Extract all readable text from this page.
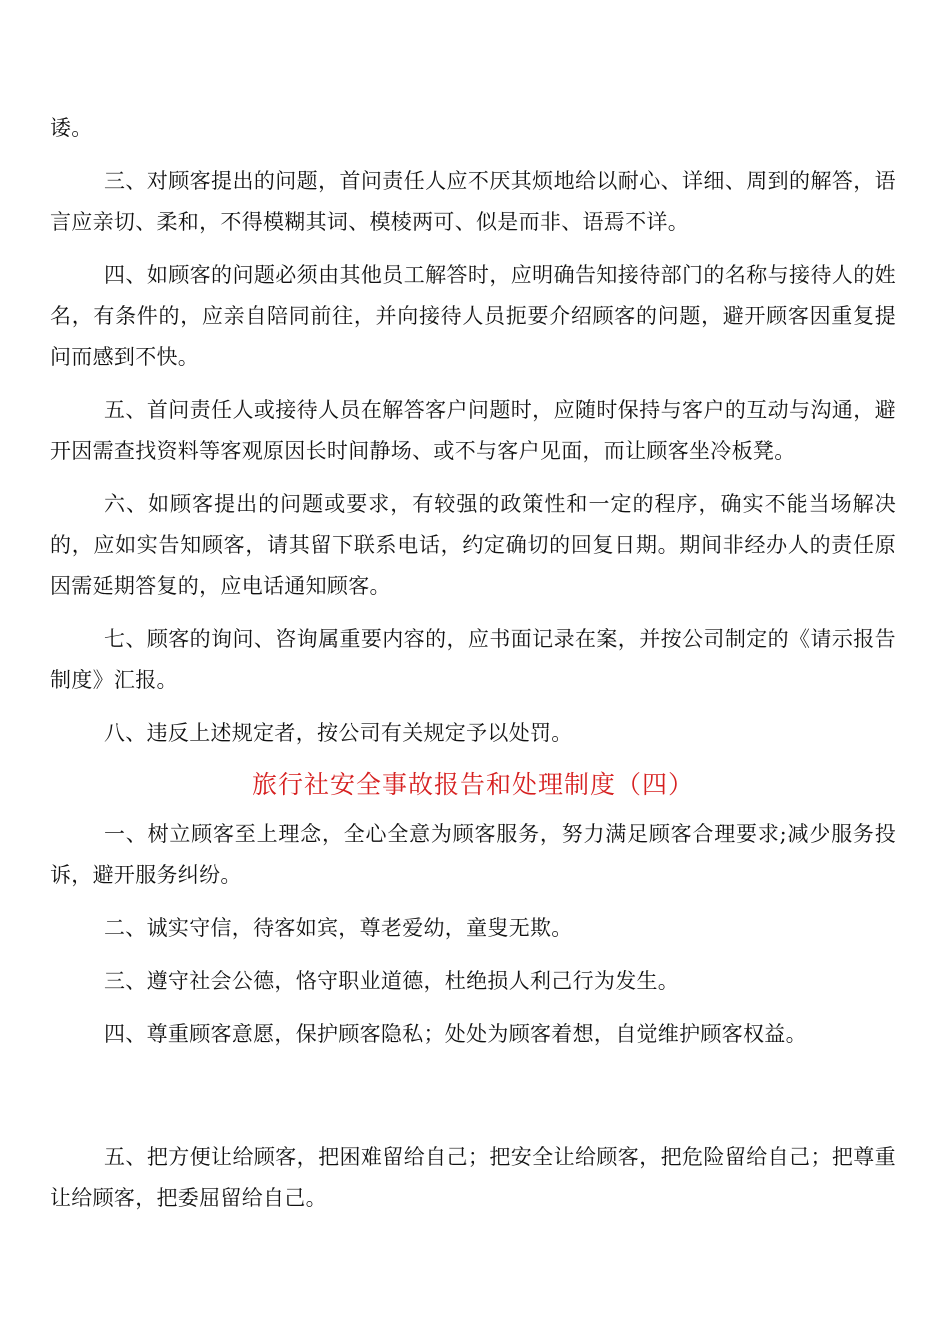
诿。

三、对顾客提出的问题，首问责任人应不厌其烦地给以耐心、详细、周到的解答，语言应亲切、柔和，不得模糊其词、模棱两可、似是而非、语焉不详。

四、如顾客的问题必须由其他员工解答时，应明确告知接待部门的名称与接待人的姓名，有条件的，应亲自陪同前往，并向接待人员扼要介绍顾客的问题，避开顾客因重复提问而感到不快。

五、首问责任人或接待人员在解答客户问题时，应随时保持与客户的互动与沟通，避开因需查找资料等客观原因长时间静场、或不与客户见面，而让顾客坐冷板凳。

六、如顾客提出的问题或要求，有较强的政策性和一定的程序，确实不能当场解决的，应如实告知顾客，请其留下联系电话，约定确切的回复日期。期间非经办人的责任原因需延期答复的，应电话通知顾客。

七、顾客的询问、咨询属重要内容的，应书面记录在案，并按公司制定的《请示报告制度》汇报。

八、违反上述规定者，按公司有关规定予以处罚。

旅行社安全事故报告和处理制度（四）

一、树立顾客至上理念，全心全意为顾客服务，努力满足顾客合理要求;减少服务投诉，避开服务纠纷。

二、诚实守信，待客如宾，尊老爱幼，童叟无欺。

三、遵守社会公德，恪守职业道德，杜绝损人利己行为发生。

四、尊重顾客意愿，保护顾客隐私；处处为顾客着想，自觉维护顾客权益。

五、把方便让给顾客，把困难留给自己；把安全让给顾客，把危险留给自己；把尊重让给顾客，把委屈留给自己。
